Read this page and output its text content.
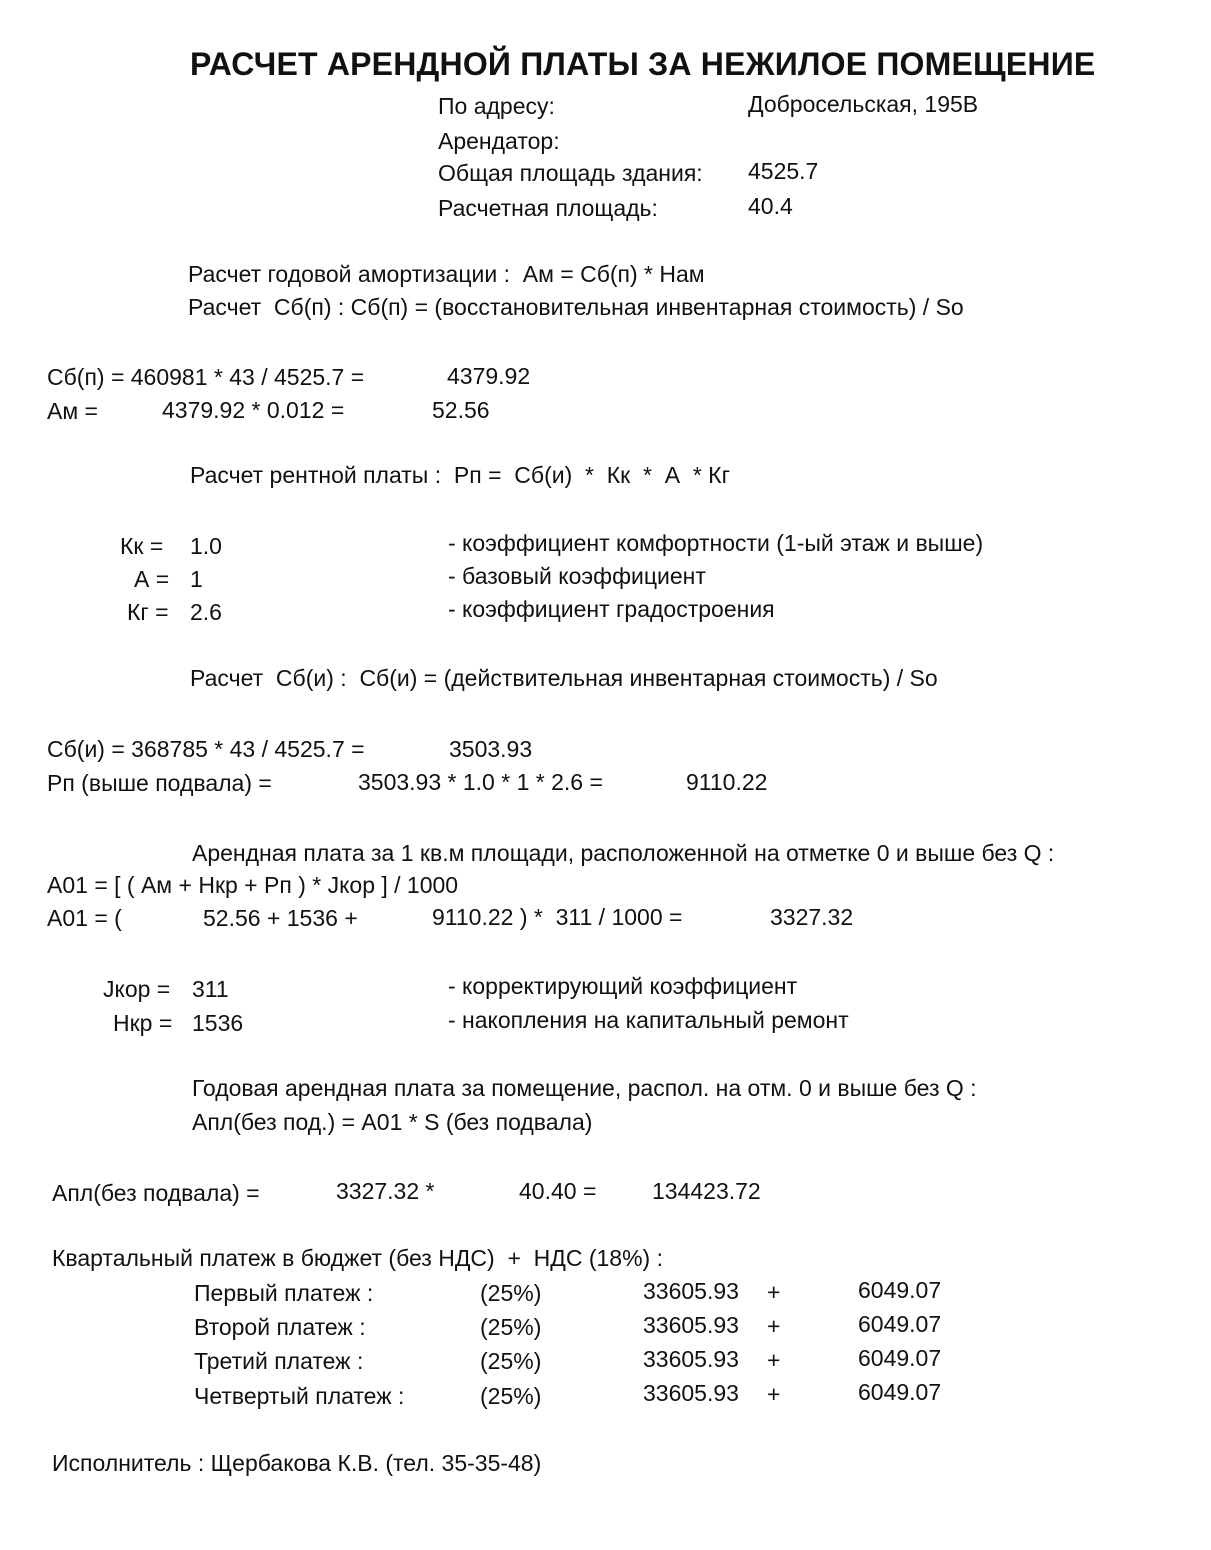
РАСЧЕТ АРЕНДНОЙ ПЛАТЫ ЗА НЕЖИЛОЕ ПОМЕЩЕНИЕ
По адресу:	Добросельская, 195В
Арендатор:
Общая площадь здания: 4525.7
Расчетная площадь:	40.4
Расчет годовой амортизации :  Ам = Сб(п) * Нам
Расчет  Сб(п) : Сб(п) = (восстановительная инвентарная стоимость) / So
Сб(п) = 460981 * 43 / 4525.7 =	4379.92
Ам =	4379.92 * 0.012 =	52.56
Расчет рентной платы :  Рп =  Сб(и)  *  Кк  *  А  * Кг
Кк = 1.0	- коэффициент комфортности (1-ый этаж и выше)
А = 1	- базовый коэффициент
Кг = 2.6	- коэффициент градостроения
Расчет  Сб(и) :  Сб(и) = (действительная инвентарная стоимость) / So
Сб(и) = 368785 * 43 / 4525.7 =	3503.93
Рп (выше подвала) =	3503.93 * 1.0 * 1 * 2.6 =	9110.22
Арендная плата за 1 кв.м площади, расположенной на отметке 0 и выше без Q :
А01 = [ ( Ам + Нкр + Рп ) * Jкор ] / 1000
А01 = (	52.56 + 1536 +	9110.22 ) *  311 / 1000 =	3327.32
Jкор = 311	- корректирующий коэффициент
Нкр = 1536	- накопления на капитальный ремонт
Годовая арендная плата за помещение, распол. на отм. 0 и выше без Q :
Апл(без под.) = А01 * S (без подвала)
Апл(без подвала) =	3327.32 *	40.40 = 134423.72
Квартальный платеж в бюджет (без НДС)  +  НДС (18%) :
Первый платеж :	(25%)	33605.93 +	6049.07
Второй платеж :	(25%)	33605.93 +	6049.07
Третий платеж :	(25%)	33605.93 +	6049.07
Четвертый платеж :	(25%)	33605.93 +	6049.07
Исполнитель : Щербакова К.В. (тел. 35-35-48)
